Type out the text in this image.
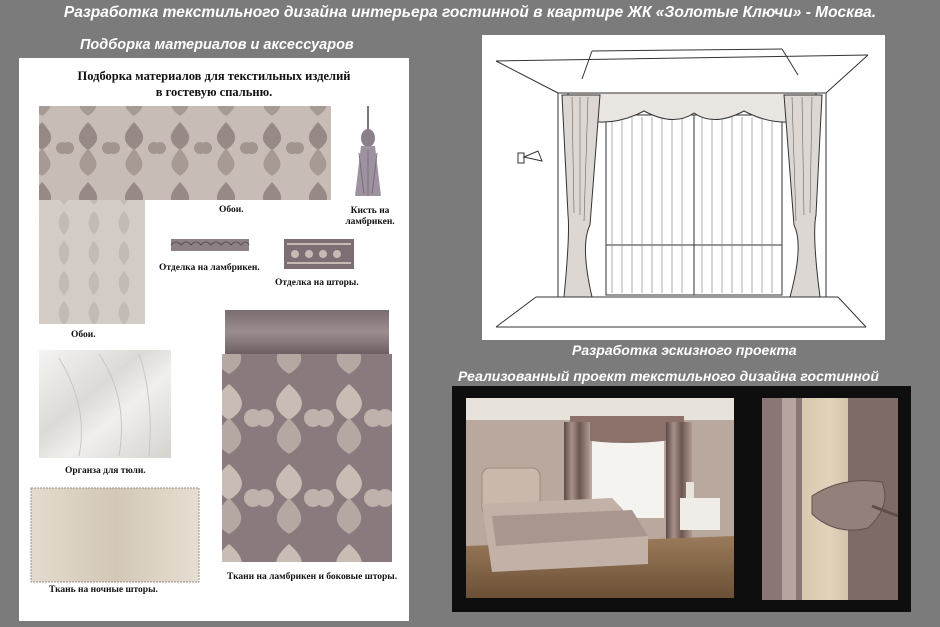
Разработка текстильного дизайна интерьера гостинной в квартире ЖК «Золотые Ключи» - Москва.
Подборка материалов и аксессуаров
Подборка материалов для текстильных изделий
в гостевую спальню.
Обои.	Кисть на
ламбрикен.
Отделка на ламбрикен.
Отделка на шторы.
Обои.
Органза для тюли.
Ткани на ламбрикен и боковые шторы.
Ткань на ночные шторы.
Разработка эскизного проекта
Реализованный проект текстильного дизайна гостинной
